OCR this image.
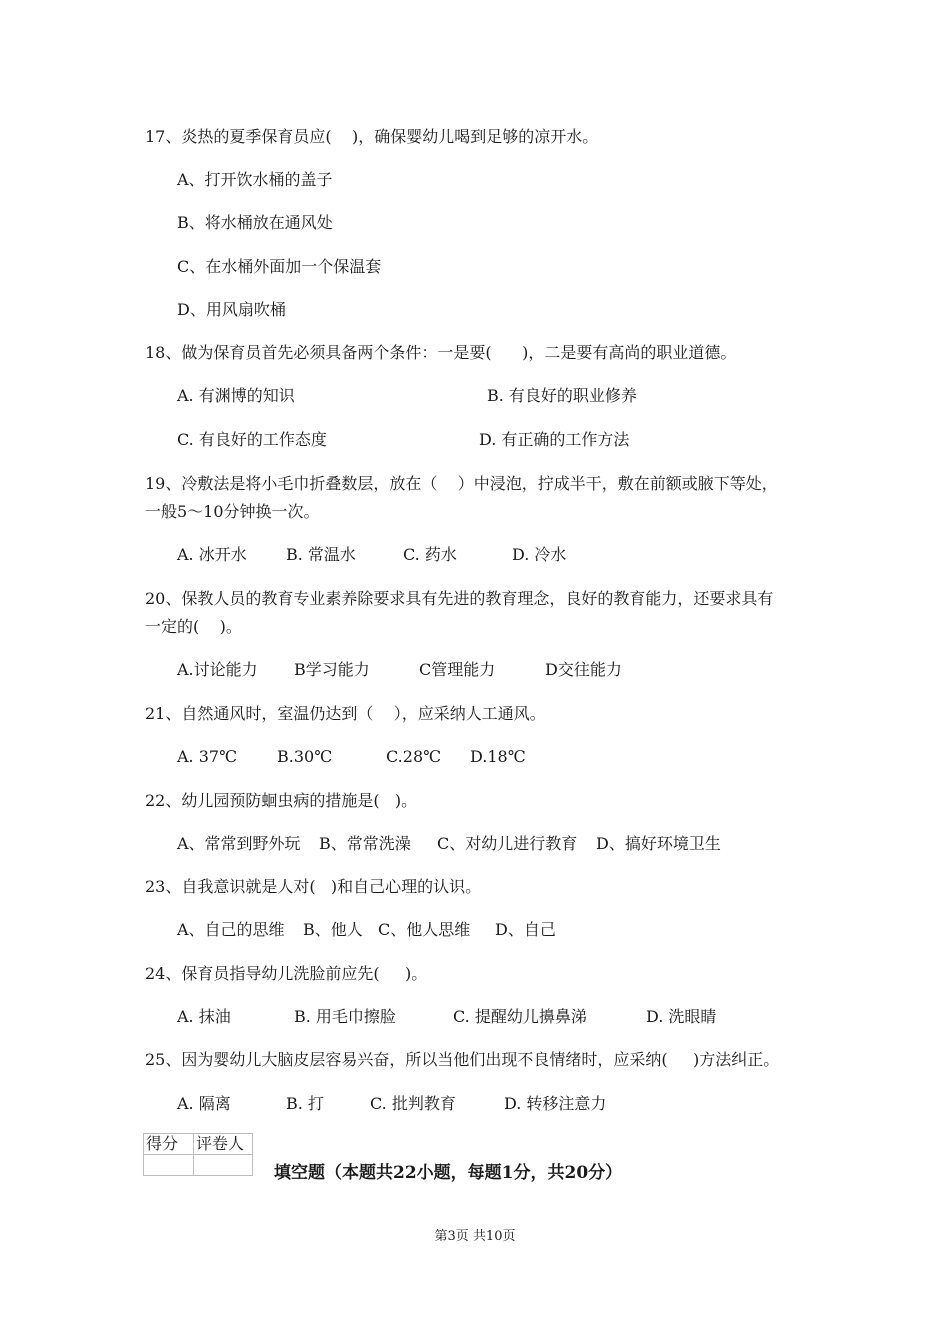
17、炎热的夏季保育员应(    )，确保婴幼儿喝到足够的凉开水。
A、打开饮水桶的盖子
B、将水桶放在通风处
C、在水桶外面加一个保温套
D、用风扇吹桶
18、做为保育员首先必须具备两个条件：一是要(      )，二是要有高尚的职业道德。
A. 有渊博的知识	B. 有良好的职业修养
C. 有良好的工作态度	D. 有正确的工作方法
19、冷敷法是将小毛巾折叠数层，放在（    ）中浸泡，拧成半干，敷在前额或腋下等处，
一般5～10分钟换一次。
A. 冰开水 B. 常温水	C. 药水	D. 冷水
20、保教人员的教育专业素养除要求具有先进的教育理念，良好的教育能力，还要求具有
一定的(    )。
A.讨论能力 B学习能力	C管理能力	D交往能力
21、自然通风时，室温仍达到（    ），应采纳人工通风。
A. 37℃	B.30℃	C.28℃ D.18℃
22、幼儿园预防蛔虫病的措施是(   )。
A、常常到野外玩 B、常常洗澡 C、对幼儿进行教育 D、搞好环境卫生
23、自我意识就是人对(   )和自己心理的认识。
A、自己的思维 B、他人 C、他人思维 D、自己
24、保育员指导幼儿洗脸前应先(     )。
A. 抹油	B. 用毛巾擦脸	C. 提醒幼儿擤鼻涕	D. 洗眼睛
25、因为婴幼儿大脑皮层容易兴奋，所以当他们出现不良情绪时，应采纳(     )方法纠正。
A. 隔离	B. 打	C. 批判教育	D. 转移注意力
得分	评卷人

填空题（本题共22小题，每题1分，共20分）
第3页 共10页
